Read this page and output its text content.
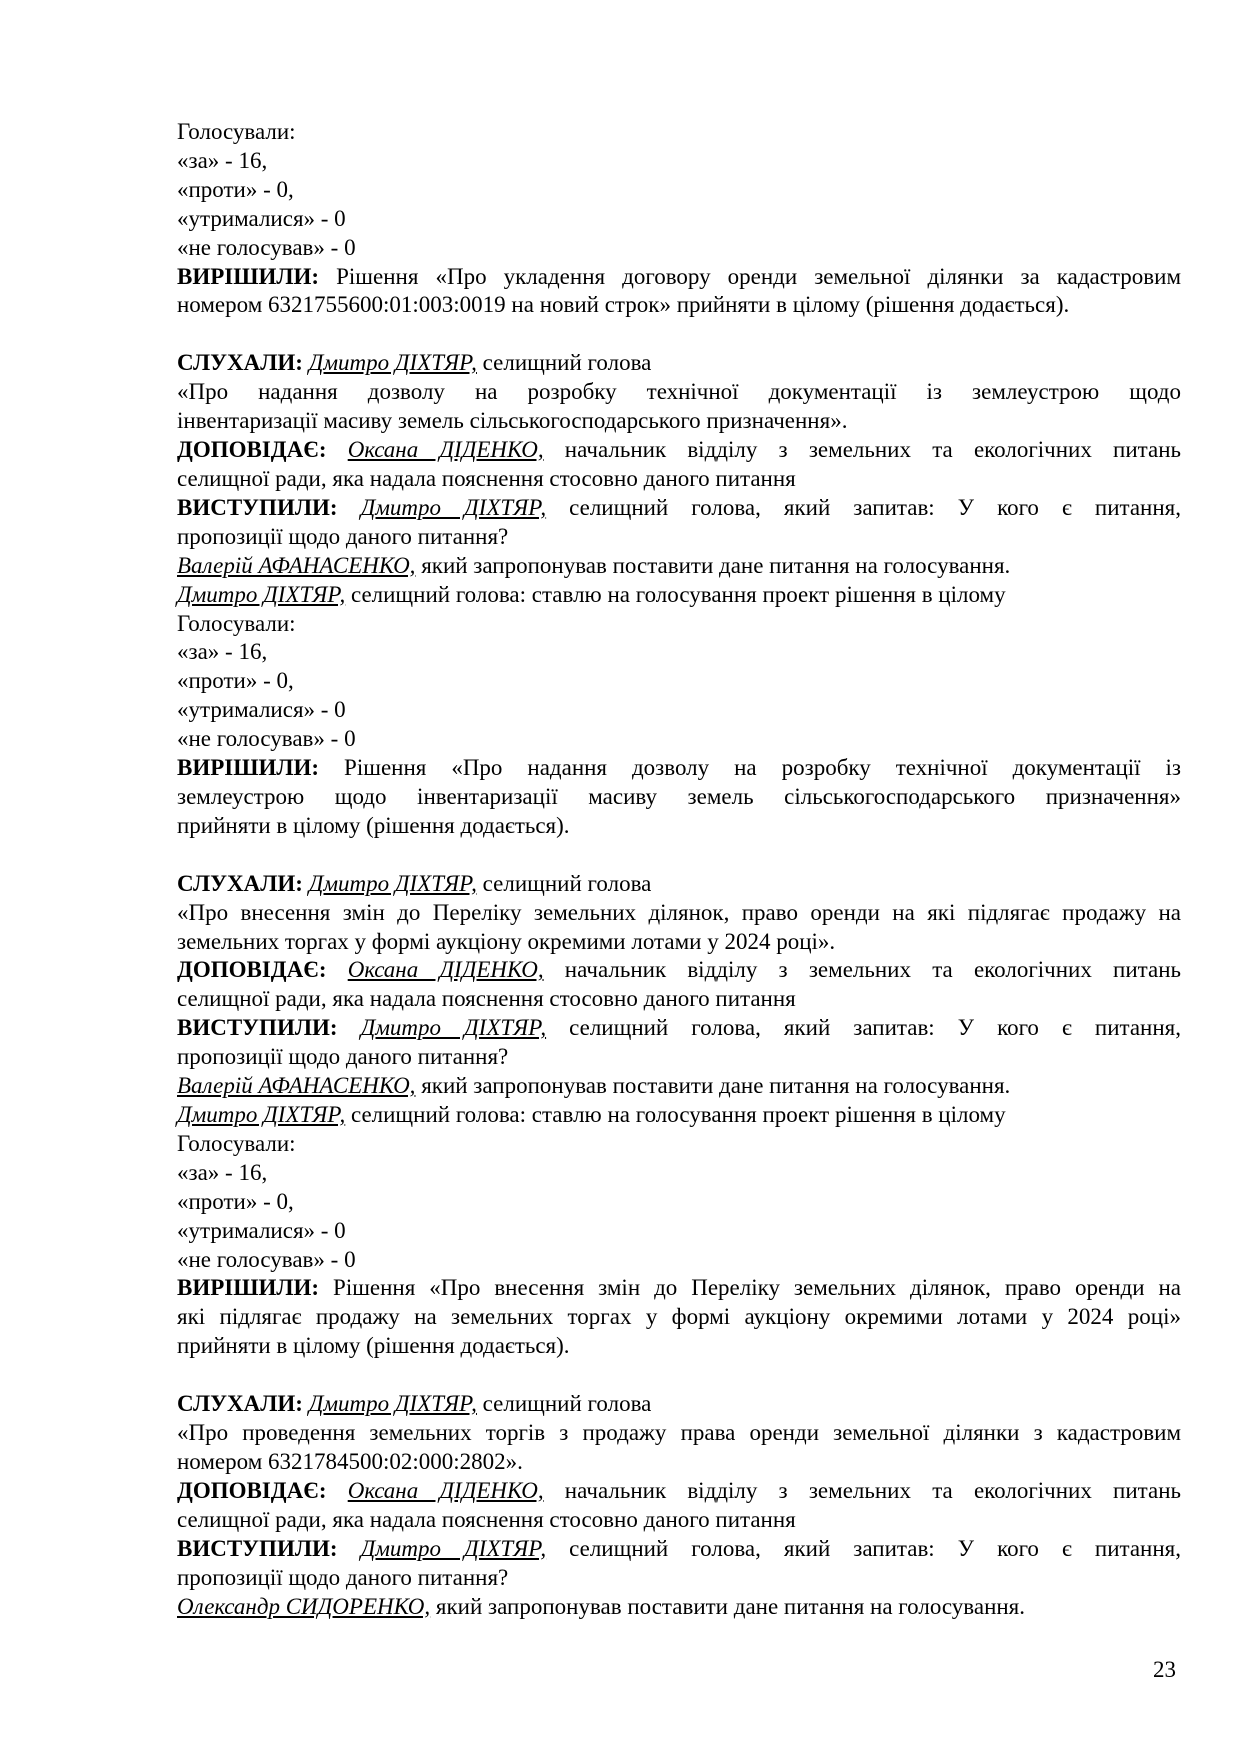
Голосували:
«за» - 16,
«проти» - 0,
«утрималися» - 0
«не голосував» - 0
ВИРІШИЛИ: Рішення «Про укладення договору оренди земельної ділянки за кадастровим
номером 6321755600:01:003:0019 на новий строк» прийняти в цілому (рішення додається).
СЛУХАЛИ: Дмитро ДІХТЯР, селищний голова
«Про надання дозволу на розробку технічної документації із землеустрою щодо
інвентаризації масиву земель сільськогосподарського призначення».
ДОПОВІДАЄ: Оксана ДІДЕНКО, начальник відділу з земельних та екологічних питань
селищної ради, яка надала пояснення стосовно даного питання
ВИСТУПИЛИ: Дмитро ДІХТЯР, селищний голова, який запитав: У кого є питання,
пропозиції щодо даного питання?
Валерій АФАНАСЕНКО, який запропонував поставити дане питання на голосування.
Дмитро ДІХТЯР, селищний голова: ставлю на голосування проект рішення в цілому
Голосували:
«за» - 16,
«проти» - 0,
«утрималися» - 0
«не голосував» - 0
ВИРІШИЛИ: Рішення «Про надання дозволу на розробку технічної документації із
землеустрою щодо інвентаризації масиву земель сільськогосподарського призначення»
прийняти в цілому (рішення додається).
СЛУХАЛИ: Дмитро ДІХТЯР, селищний голова
«Про внесення змін до Переліку земельних ділянок, право оренди на які підлягає продажу на
земельних торгах у формі аукціону окремими лотами у 2024 році».
ДОПОВІДАЄ: Оксана ДІДЕНКО, начальник відділу з земельних та екологічних питань
селищної ради, яка надала пояснення стосовно даного питання
ВИСТУПИЛИ: Дмитро ДІХТЯР, селищний голова, який запитав: У кого є питання,
пропозиції щодо даного питання?
Валерій АФАНАСЕНКО, який запропонував поставити дане питання на голосування.
Дмитро ДІХТЯР, селищний голова: ставлю на голосування проект рішення в цілому
Голосували:
«за» - 16,
«проти» - 0,
«утрималися» - 0
«не голосував» - 0
ВИРІШИЛИ: Рішення «Про внесення змін до Переліку земельних ділянок, право оренди на
які підлягає продажу на земельних торгах у формі аукціону окремими лотами у 2024 році»
прийняти в цілому (рішення додається).
СЛУХАЛИ: Дмитро ДІХТЯР, селищний голова
«Про проведення земельних торгів з продажу права оренди земельної ділянки з кадастровим
номером 6321784500:02:000:2802».
ДОПОВІДАЄ: Оксана ДІДЕНКО, начальник відділу з земельних та екологічних питань
селищної ради, яка надала пояснення стосовно даного питання
ВИСТУПИЛИ: Дмитро ДІХТЯР, селищний голова, який запитав: У кого є питання,
пропозиції щодо даного питання?
Олександр СИДОРЕНКО, який запропонував поставити дане питання на голосування.
23
